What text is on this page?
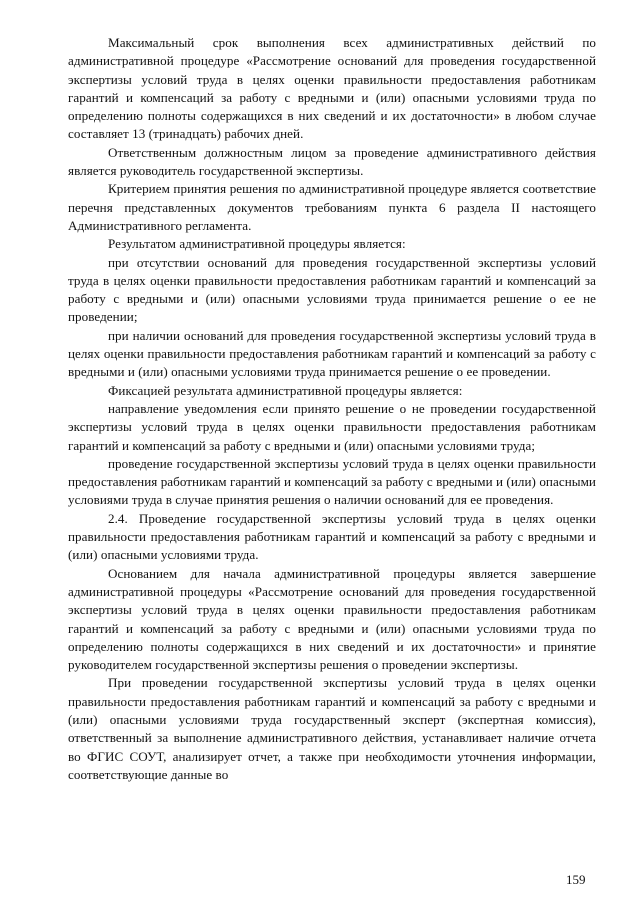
Максимальный срок выполнения всех административных действий по административной процедуре «Рассмотрение оснований для проведения государственной экспертизы условий труда в целях оценки правильности предоставления работникам гарантий и компенсаций за работу с вредными и (или) опасными условиями труда по определению полноты содержащихся в них сведений и их достаточности» в любом случае составляет 13 (тринадцать) рабочих дней.

Ответственным должностным лицом за проведение административного действия является руководитель государственной экспертизы.

Критерием принятия решения по административной процедуре является соответствие перечня представленных документов требованиям пункта 6 раздела II настоящего Административного регламента.

Результатом административной процедуры является:

при отсутствии оснований для проведения государственной экспертизы условий труда в целях оценки правильности предоставления работникам гарантий и компенсаций за работу с вредными и (или) опасными условиями труда принимается решение о ее не проведении;

при наличии оснований для проведения государственной экспертизы условий труда в целях оценки правильности предоставления работникам гарантий и компенсаций за работу с вредными и (или) опасными условиями труда принимается решение о ее проведении.

Фиксацией результата административной процедуры является:

направление уведомления если принято решение о не проведении государственной экспертизы условий труда в целях оценки правильности предоставления работникам гарантий и компенсаций за работу с вредными и (или) опасными условиями труда;

проведение государственной экспертизы условий труда в целях оценки правильности предоставления работникам гарантий и компенсаций за работу с вредными и (или) опасными условиями труда в случае принятия решения о наличии оснований для ее проведения.

2.4. Проведение государственной экспертизы условий труда в целях оценки правильности предоставления работникам гарантий и компенсаций за работу с вредными и (или) опасными условиями труда.

Основанием для начала административной процедуры является завершение административной процедуры «Рассмотрение оснований для проведения государственной экспертизы условий труда в целях оценки правильности предоставления работникам гарантий и компенсаций за работу с вредными и (или) опасными условиями труда по определению полноты содержащихся в них сведений и их достаточности» и принятие руководителем государственной экспертизы решения о проведении экспертизы.

При проведении государственной экспертизы условий труда в целях оценки правильности предоставления работникам гарантий и компенсаций за работу с вредными и (или) опасными условиями труда государственный эксперт (экспертная комиссия), ответственный за выполнение административного действия, устанавливает наличие отчета во ФГИС СОУТ, анализирует отчет, а также при необходимости уточнения информации, соответствующие данные во

159
